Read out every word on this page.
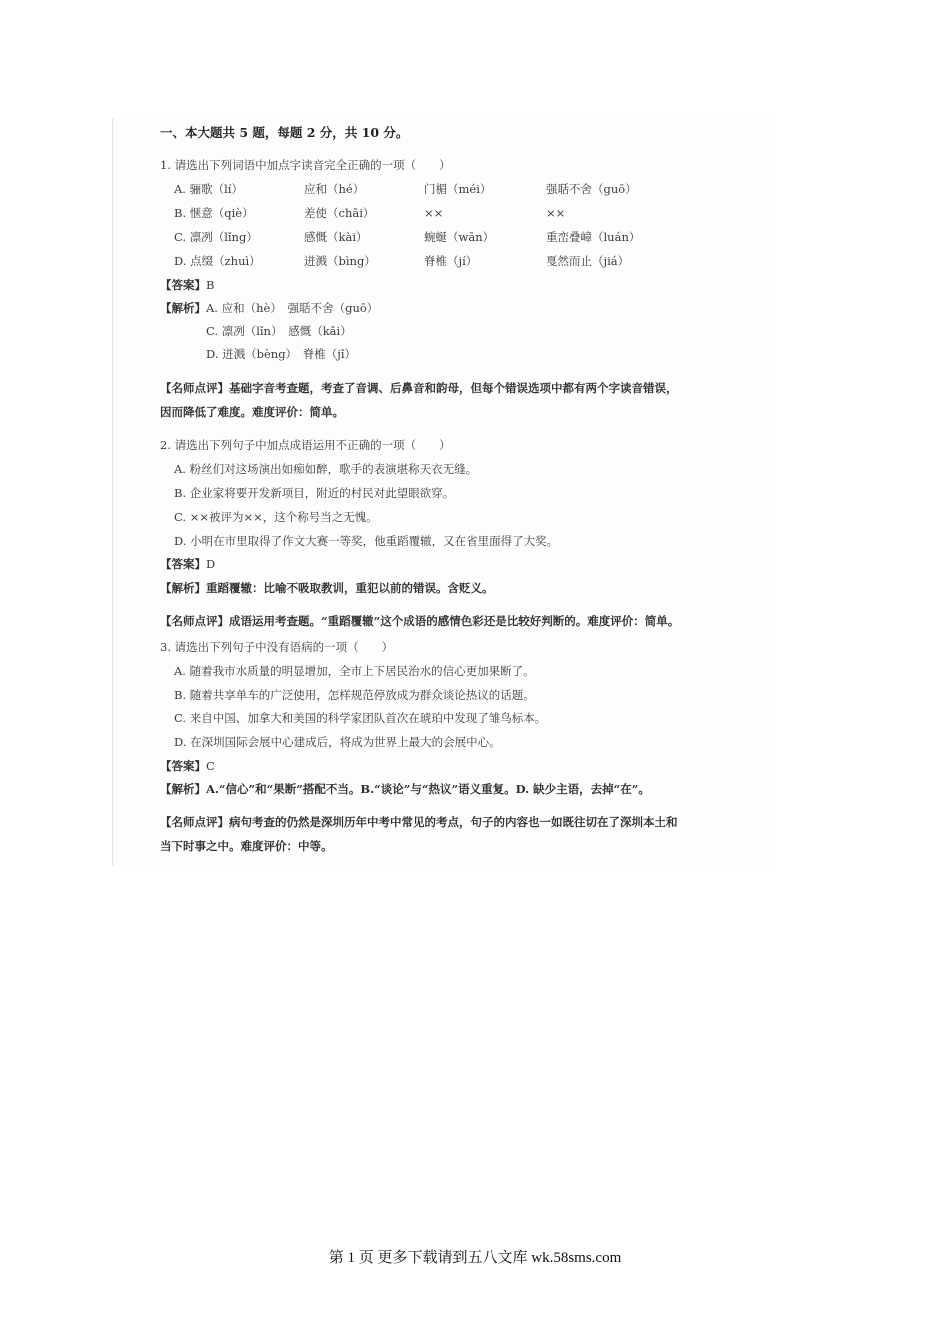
一、本大题共 5 题，每题 2 分，共 10 分。
1. 请选出下列词语中加点字读音完全正确的一项（　　）
A. 骊歌（lí）	应和（hé）	门楣（méi）	强聒不舍（guō）
B. 惬意（qiè）	差使（chāi）	××	××
C. 凛冽（lǐng）	感慨（kài）	蜿蜒（wān）	重峦叠嶂（luán）
D. 点缀（zhuì）	迸溅（bìng）	脊椎（jí）	戛然而止（jiá）
【答案】B
【解析】A. 应和（hè）　强聒不舍（guō）
C. 凛冽（lǐn）　感慨（kǎi）
D. 迸溅（bèng）　脊椎（jǐ）
【名师点评】基础字音考查题，考查了音调、后鼻音和韵母，但每个错误选项中都有两个字读音错误，
因而降低了难度。难度评价：简单。
2. 请选出下列句子中加点成语运用不正确的一项（　　）
A. 粉丝们对这场演出如痴如醉，歌手的表演堪称天衣无缝。
B. 企业家将要开发新项目，附近的村民对此望眼欲穿。
C. ××被评为××，这个称号当之无愧。
D. 小明在市里取得了作文大赛一等奖，他重蹈覆辙，又在省里面得了大奖。
【答案】D
【解析】重蹈覆辙：比喻不吸取教训，重犯以前的错误。含贬义。
【名师点评】成语运用考查题。“重蹈覆辙”这个成语的感情色彩还是比较好判断的。难度评价：简单。
3. 请选出下列句子中没有语病的一项（　　）
A. 随着我市水质量的明显增加，全市上下居民治水的信心更加果断了。
B. 随着共享单车的广泛使用，怎样规范停放成为群众谈论热议的话题。
C. 来自中国、加拿大和美国的科学家团队首次在琥珀中发现了雏鸟标本。
D. 在深圳国际会展中心建成后，将成为世界上最大的会展中心。
【答案】C
【解析】A.“信心”和“果断”搭配不当。B.“谈论”与“热议”语义重复。D. 缺少主语，去掉“在”。
【名师点评】病句考查的仍然是深圳历年中考中常见的考点，句子的内容也一如既往切在了深圳本土和
当下时事之中。难度评价：中等。
第 1 页 更多下载请到五八文库 wk.58sms.com
